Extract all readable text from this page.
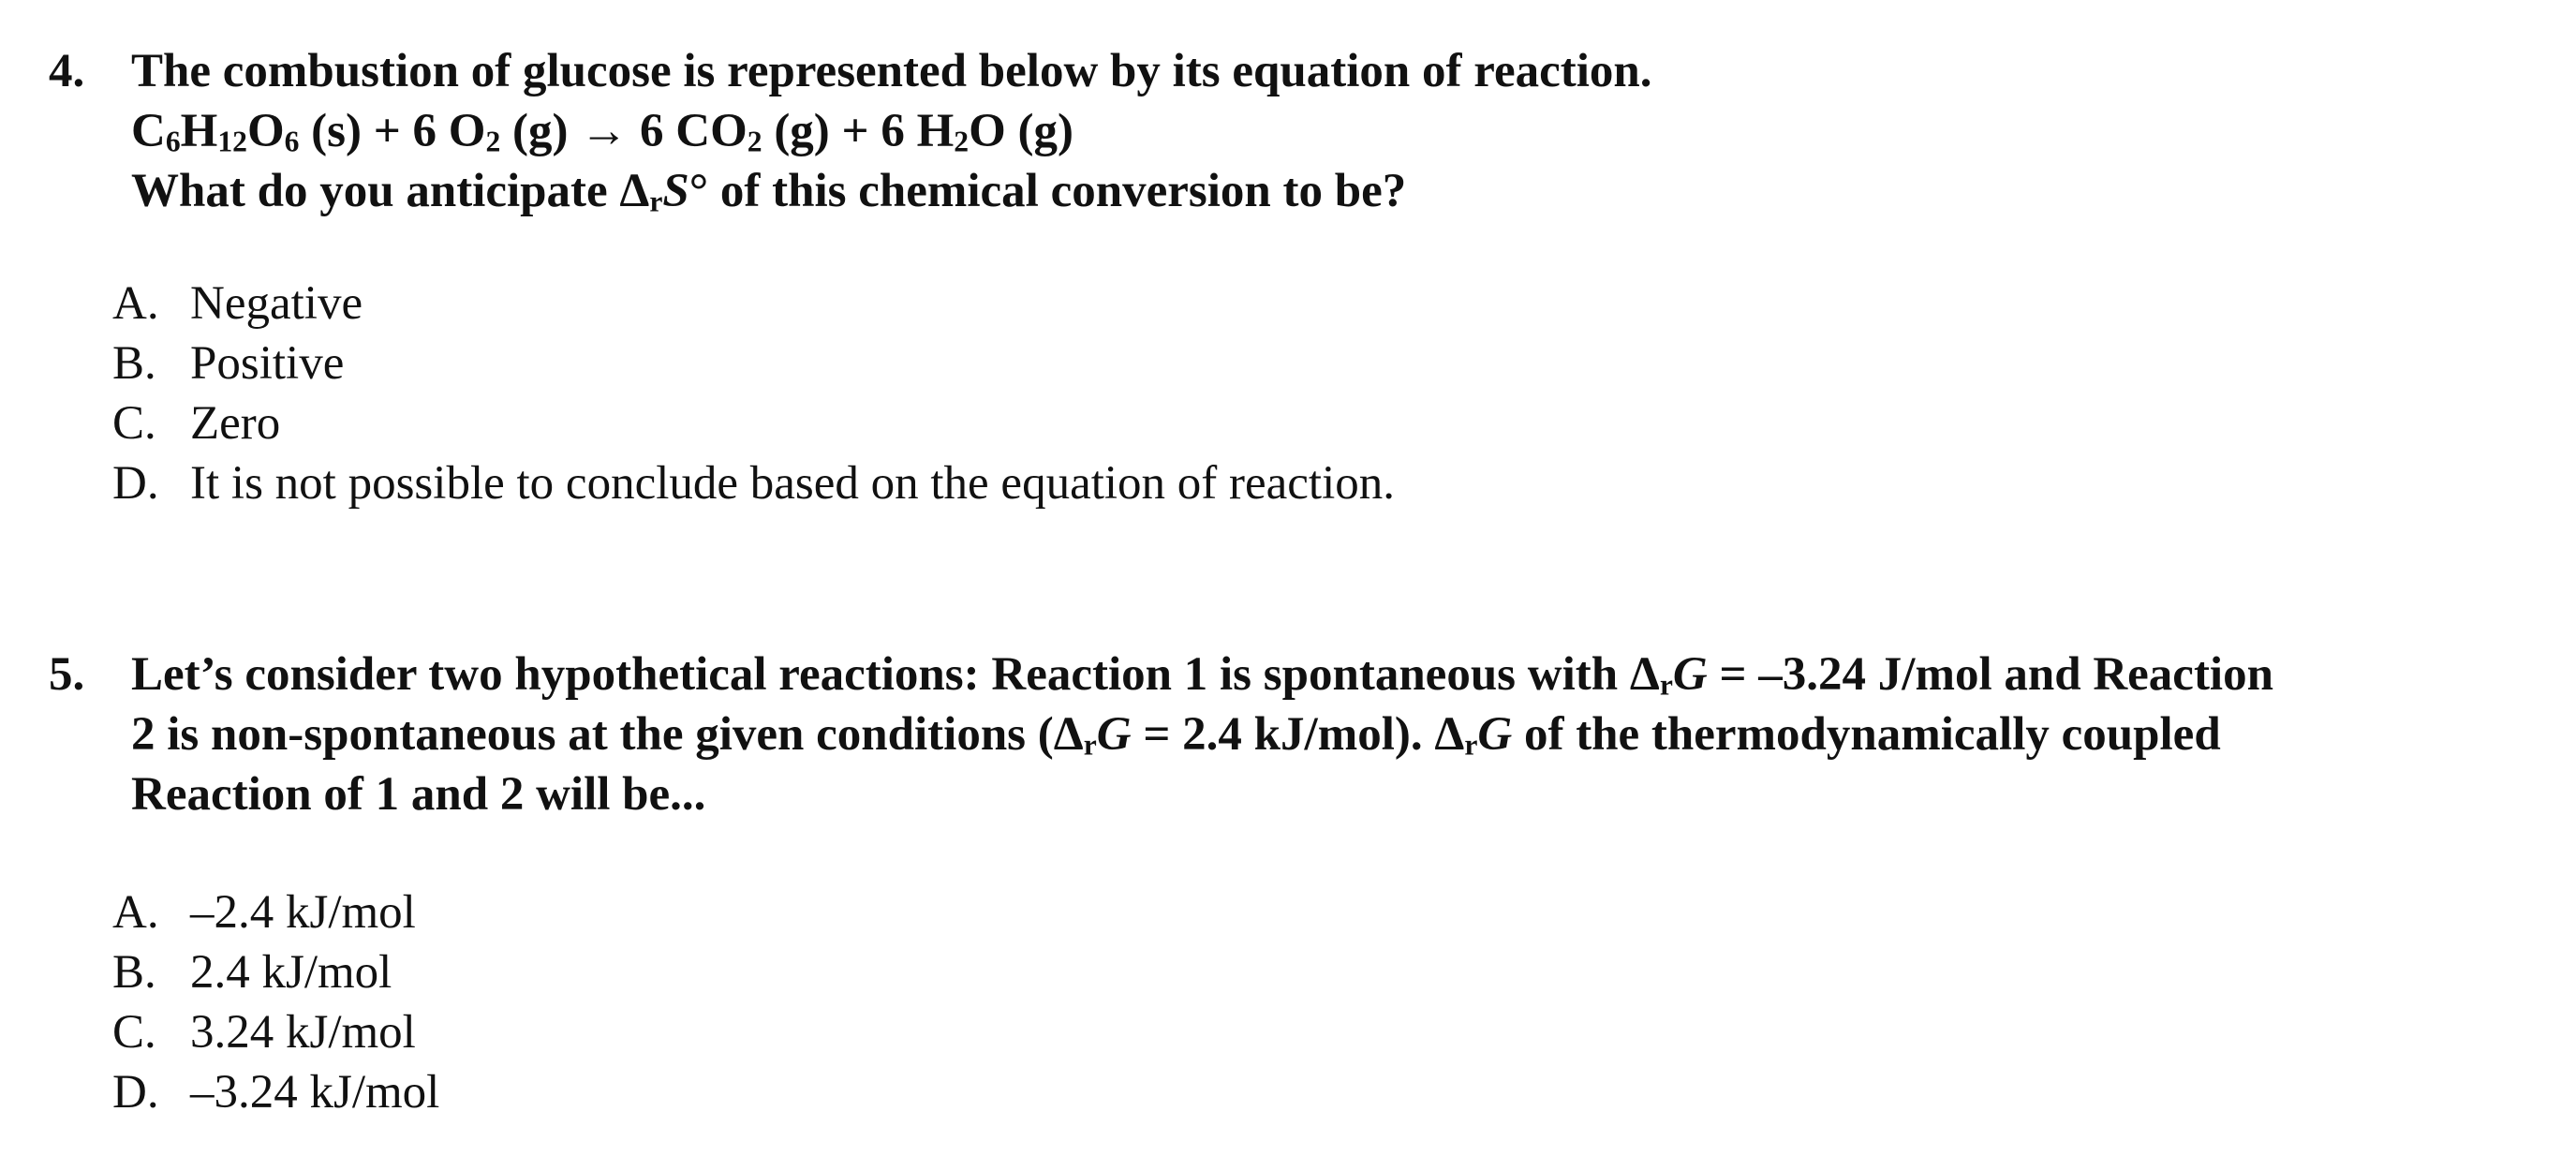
4. The combustion of glucose is represented below by its equation of reaction.
$C_6H_{12}O_6$ (s) + 6 $O_2$ (g) → 6 $CO_2$ (g) + 6 $H_2O$ (g)
What do you anticipate $\Delta_rS^\circ$ of this chemical conversion to be?
A. Negative
B. Positive
C. Zero
D. It is not possible to conclude based on the equation of reaction.
5. Let’s consider two hypothetical reactions: Reaction 1 is spontaneous with $\Delta_rG = -3.24$ J/mol and Reaction
2 is non-spontaneous at the given conditions ($\Delta_rG = 2.4$ kJ/mol). $\Delta_rG$ of the thermodynamically coupled
Reaction of 1 and 2 will be...
A. –2.4 kJ/mol
B. 2.4 kJ/mol
C. 3.24 kJ/mol
D. –3.24 kJ/mol
